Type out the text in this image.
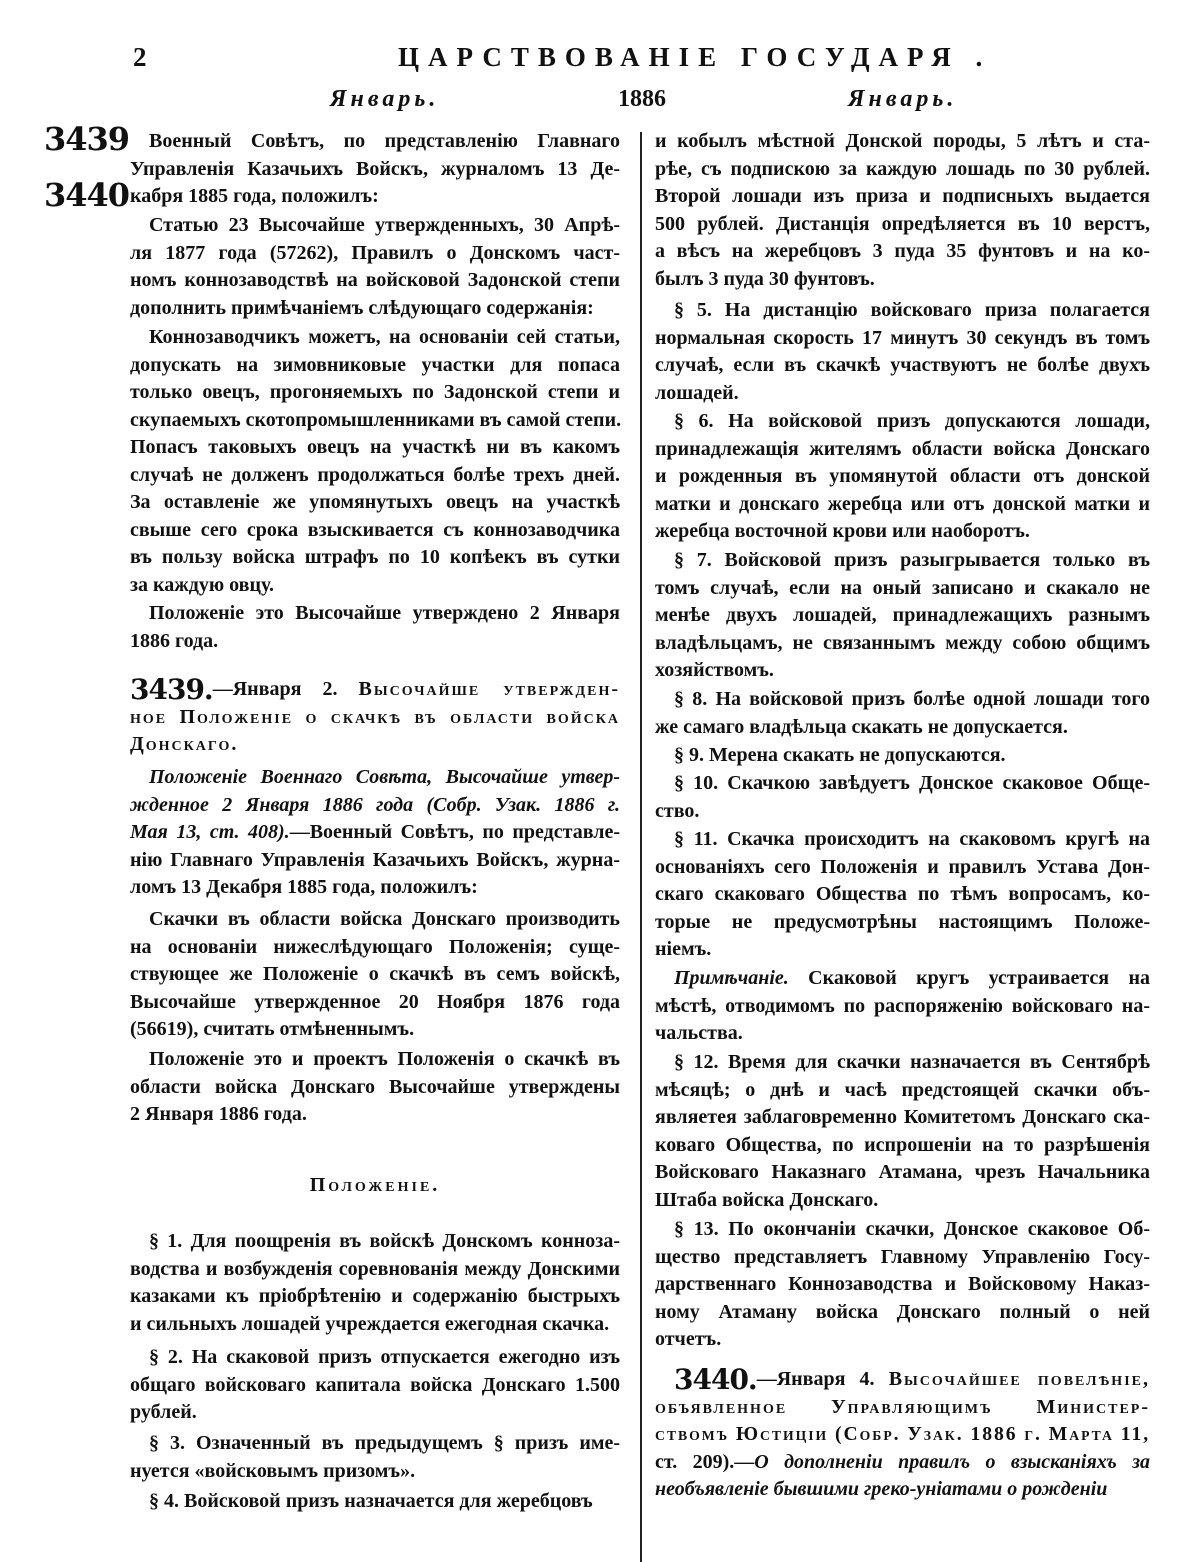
2	ЦАРСТВОВАНІЕ ГОСУДАРЯ .
Январь.	1886	Январь.
3439
3440
Военный Совѣтъ, по представленію Главнаго
Управленія Казачьихъ Войскъ, журналомъ 13 Де-
кабря 1885 года, положилъ:
Статью 23 Высочайше утвержденныхъ, 30 Апрѣ-
ля 1877 года (57262), Правилъ о Донскомъ част-
номъ коннозаводствѣ на войсковой Задонской степи
дополнить примѣчаніемъ слѣдующаго содержанія:
Коннозаводчикъ можетъ, на основаніи сей статьи,
допускать на зимовниковые участки для попаса
только овецъ, прогоняемыхъ по Задонской степи и
скупаемыхъ скотопромышленниками въ самой степи.
Попасъ таковыхъ овецъ на участкѣ ни въ какомъ
случаѣ не долженъ продолжаться болѣе трехъ дней.
За оставленіе же упомянутыхъ овецъ на участкѣ
свыше сего срока взыскивается съ коннозаводчика
въ пользу войска штрафъ по 10 копѣекъ въ сутки
за каждую овцу.
Положеніе это Высочайше утверждено 2 Января
1886 года.
3439.—Января 2. Высочайше утвержден-
ное Положеніе о скачкѣ въ области войска
Донскаго.
Положеніе Военнаго Совѣта, Высочайше утвер-
жденное 2 Января 1886 года (Собр. Узак. 1886 г.
Мая 13, ст. 408).—Военный Совѣтъ, по представле-
нію Главнаго Управленія Казачьихъ Войскъ, журна-
ломъ 13 Декабря 1885 года, положилъ:
Скачки въ области войска Донскаго производить
на основаніи нижеслѣдующаго Положенія; суще-
ствующее же Положеніе о скачкѣ въ семъ войскѣ,
Высочайше утвержденное 20 Ноября 1876 года
(56619), считать отмѣненнымъ.
Положеніе это и проектъ Положенія о скачкѣ въ
области войска Донскаго Высочайше утверждены
2 Января 1886 года.
Положеніе.
§ 1. Для поощренія въ войскѣ Донскомъ конноза-
водства и возбужденія соревнованія между Донскими
казаками къ пріобрѣтенію и содержанію быстрыхъ
и сильныхъ лошадей учреждается ежегодная скачка.
§ 2. На скаковой призъ отпускается ежегодно изъ
общаго войсковаго капитала войска Донскаго 1.500
рублей.
§ 3. Означенный въ предыдущемъ § призъ име-
нуется «войсковымъ призомъ».
§ 4. Войсковой призъ назначается для жеребцовъ
и кобылъ мѣстной Донской породы, 5 лѣтъ и ста-
рѣе, съ подпискою за каждую лошадь по 30 рублей.
Второй лошади изъ приза и подписныхъ выдается
500 рублей. Дистанція опредѣляется въ 10 верстъ,
а вѣсъ на жеребцовъ 3 пуда 35 фунтовъ и на ко-
былъ 3 пуда 30 фунтовъ.
§ 5. На дистанцію войсковаго приза полагается
нормальная скорость 17 минутъ 30 секундъ въ томъ
случаѣ, если въ скачкѣ участвуютъ не болѣе двухъ
лошадей.
§ 6. На войсковой призъ допускаются лошади,
принадлежащія жителямъ области войска Донскаго
и рожденныя въ упомянутой области отъ донской
матки и донскаго жеребца или отъ донской матки и
жеребца восточной крови или наоборотъ.
§ 7. Войсковой призъ разыгрывается только въ
томъ случаѣ, если на оный записано и скакало не
менѣе двухъ лошадей, принадлежащихъ разнымъ
владѣльцамъ, не связаннымъ между собою общимъ
хозяйствомъ.
§ 8. На войсковой призъ болѣе одной лошади того
же самаго владѣльца скакать не допускается.
§ 9. Мерена скакать не допускаются.
§ 10. Скачкою завѣдуетъ Донское скаковое Обще-
ство.
§ 11. Скачка происходитъ на скаковомъ кругѣ на
основаніяхъ сего Положенія и правилъ Устава Дон-
скаго скаковаго Общества по тѣмъ вопросамъ, ко-
торые не предусмотрѣны настоящимъ Положе-
ніемъ.
Примѣчаніе. Скаковой кругъ устраивается на
мѣстѣ, отводимомъ по распоряженію войсковаго на-
чальства.
§ 12. Время для скачки назначается въ Сентябрѣ
мѣсяцѣ; о днѣ и часѣ предстоящей скачки объ-
являетея заблаговременно Комитетомъ Донскаго ска-
коваго Общества, по испрошеніи на то разрѣшенія
Войсковаго Наказнаго Атамана, чрезъ Начальника
Штаба войска Донскаго.
§ 13. По окончаніи скачки, Донское скаковое Об-
щество представляетъ Главному Управленію Госу-
дарственнаго Коннозаводства и Войсковому Наказ-
ному Атаману войска Донскаго полный о ней
отчетъ.
3440.—Января 4. Высочайшее повелѣніе,
объявленное Управляющимъ Министер-
ствомъ Юстиціи (Собр. Узак. 1886 г. Марта 11,
ст. 209).—О дополненіи правилъ о взысканіяхъ за
необъявленіе бывшими греко-уніатами о рожденіи
